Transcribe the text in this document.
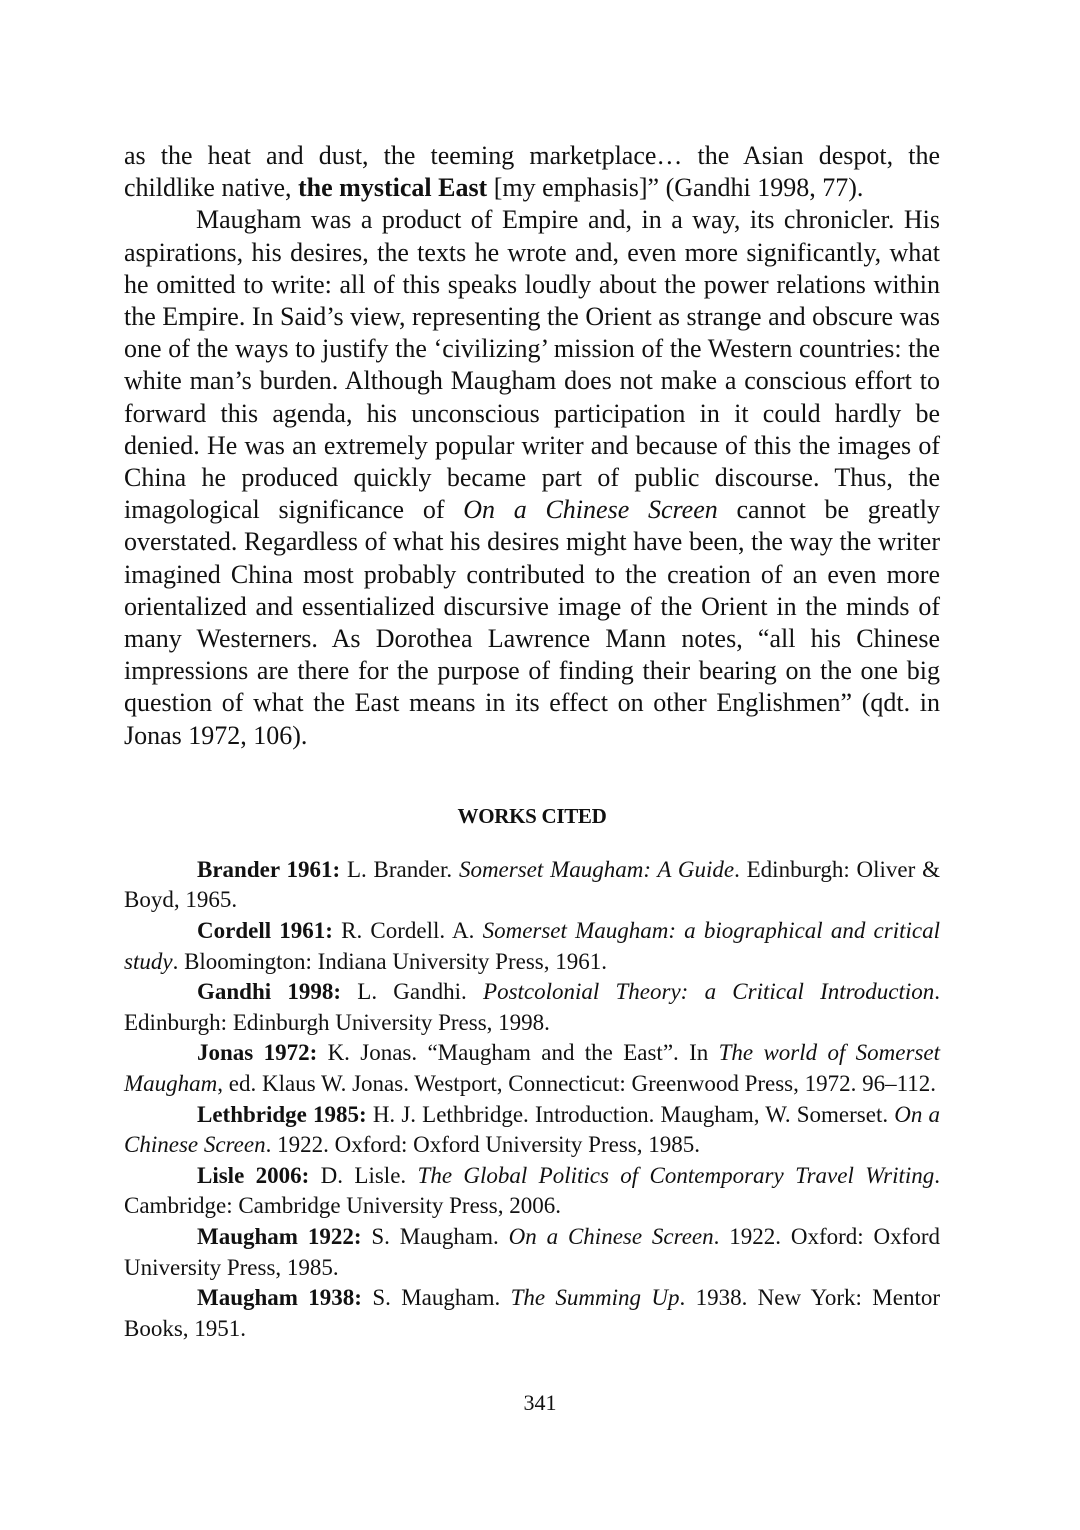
as the heat and dust, the teeming marketplace… the Asian despot, the childlike native, the mystical East [my emphasis]” (Gandhi 1998, 77).

Maugham was a product of Empire and, in a way, its chronicler. His aspirations, his desires, the texts he wrote and, even more significantly, what he omitted to write: all of this speaks loudly about the power relations within the Empire. In Said’s view, representing the Orient as strange and obscure was one of the ways to justify the ‘civilizing’ mission of the Western countries: the white man’s burden. Although Maugham does not make a conscious effort to forward this agenda, his unconscious participation in it could hardly be denied. He was an extremely popular writer and because of this the images of China he produced quickly became part of public discourse. Thus, the imagological significance of On a Chinese Screen cannot be greatly overstated. Regardless of what his desires might have been, the way the writer imagined China most probably contributed to the creation of an even more orientalized and essentialized discursive image of the Orient in the minds of many Westerners. As Dorothea Lawrence Mann notes, “all his Chinese impressions are there for the purpose of finding their bearing on the one big question of what the East means in its effect on other Englishmen” (qdt. in Jonas 1972, 106).

WORKS CITED

Brander 1961: L. Brander. Somerset Maugham: A Guide. Edinburgh: Oliver & Boyd, 1965.

Cordell 1961: R. Cordell. A. Somerset Maugham: a biographical and critical study. Bloomington: Indiana University Press, 1961.

Gandhi 1998: L. Gandhi. Postcolonial Theory: a Critical Introduction. Edinburgh: Edinburgh University Press, 1998.

Jonas 1972: K. Jonas. “Maugham and the East”. In The world of Somerset Maugham, ed. Klaus W. Jonas. Westport, Connecticut: Greenwood Press, 1972. 96–112.

Lethbridge 1985: H. J. Lethbridge. Introduction. Maugham, W. Somerset. On a Chinese Screen. 1922. Oxford: Oxford University Press, 1985.

Lisle 2006: D. Lisle. The Global Politics of Contemporary Travel Writing. Cambridge: Cambridge University Press, 2006.

Maugham 1922: S. Maugham. On a Chinese Screen. 1922. Oxford: Oxford University Press, 1985.

Maugham 1938: S. Maugham. The Summing Up. 1938. New York: Mentor Books, 1951.

341
